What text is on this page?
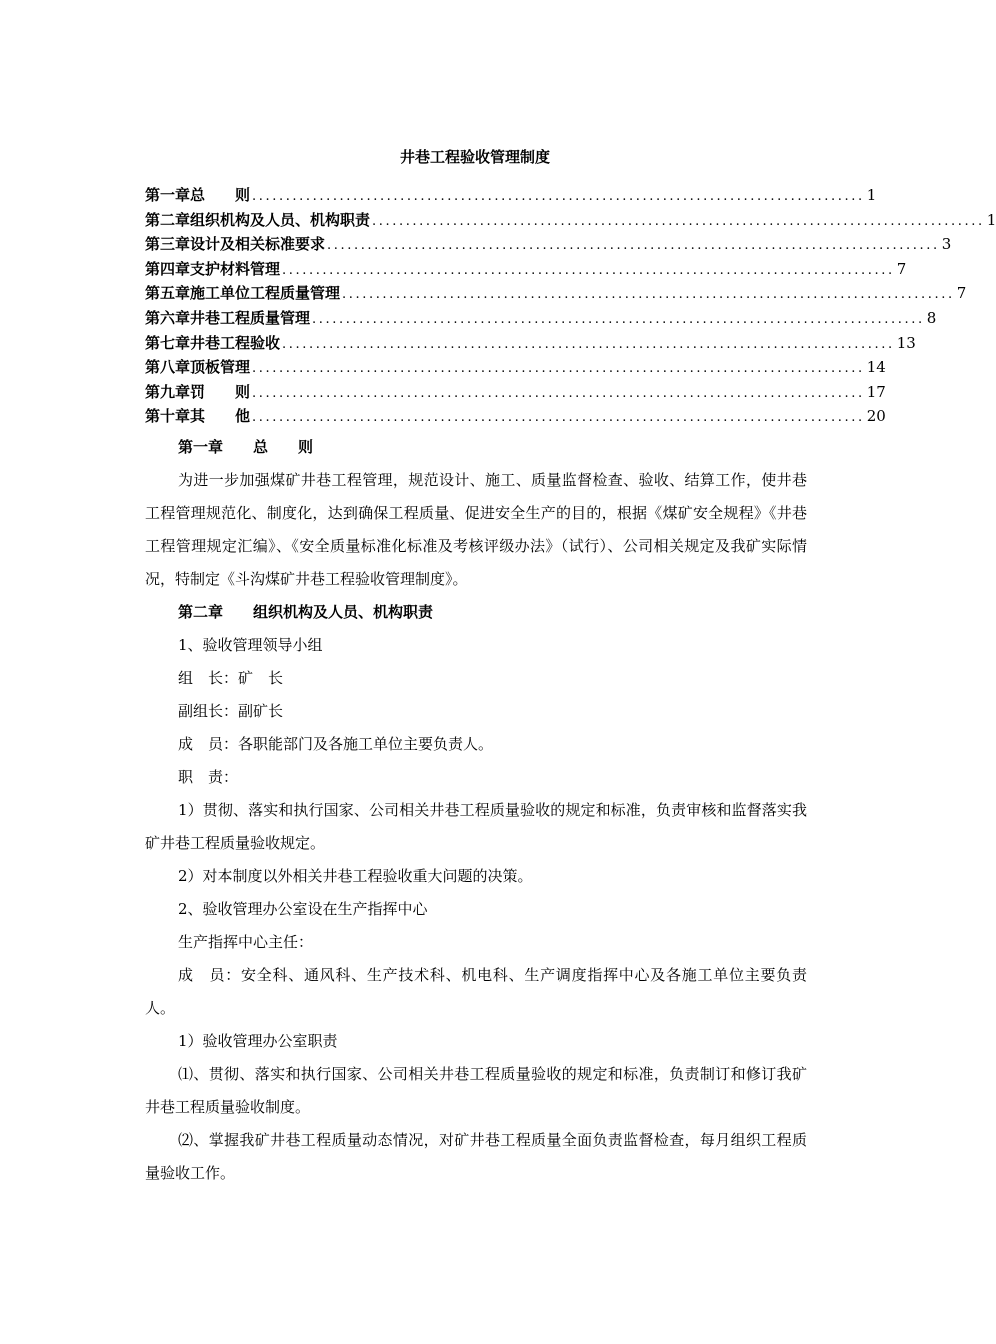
井巷工程验收管理制度
第一章 总　　则 ........................................................................................... 1
第二章 组织机构及人员、机构职责 ........................................................................................... 1
第三章 设计及相关标准要求 ........................................................................................... 3
第四章 支护材料管理 ........................................................................................... 7
第五章 施工单位工程质量管理 ........................................................................................... 7
第六章 井巷工程质量管理 ........................................................................................... 8
第七章 井巷工程验收 ........................................................................................... 13
第八章 顶板管理 ........................................................................................... 14
第九章 罚　　则 ........................................................................................... 17
第十章 其　　他 ........................................................................................... 20

第一章　　总　　则

为进一步加强煤矿井巷工程管理，规范设计、施工、质量监督检查、验收、结算工作，使井巷工程管理规范化、制度化，达到确保工程质量、促进安全生产的目的，根据《煤矿安全规程》《井巷工程管理规定汇编》、《安全质量标准化标准及考核评级办法》（试行）、公司相关规定及我矿实际情况，特制定《斗沟煤矿井巷工程验收管理制度》。

第二章　　组织机构及人员、机构职责

1、验收管理领导小组

组　长：矿　长

副组长：副矿长

成　员：各职能部门及各施工单位主要负责人。

职　责：

1）贯彻、落实和执行国家、公司相关井巷工程质量验收的规定和标准，负责审核和监督落实我矿井巷工程质量验收规定。

2）对本制度以外相关井巷工程验收重大问题的决策。

2、验收管理办公室设在生产指挥中心

生产指挥中心主任：

成　员：安全科、通风科、生产技术科、机电科、生产调度指挥中心及各施工单位主要负责人。

1）验收管理办公室职责

⑴、贯彻、落实和执行国家、公司相关井巷工程质量验收的规定和标准，负责制订和修订我矿井巷工程质量验收制度。

⑵、掌握我矿井巷工程质量动态情况，对矿井巷工程质量全面负责监督检查，每月组织工程质量验收工作。
